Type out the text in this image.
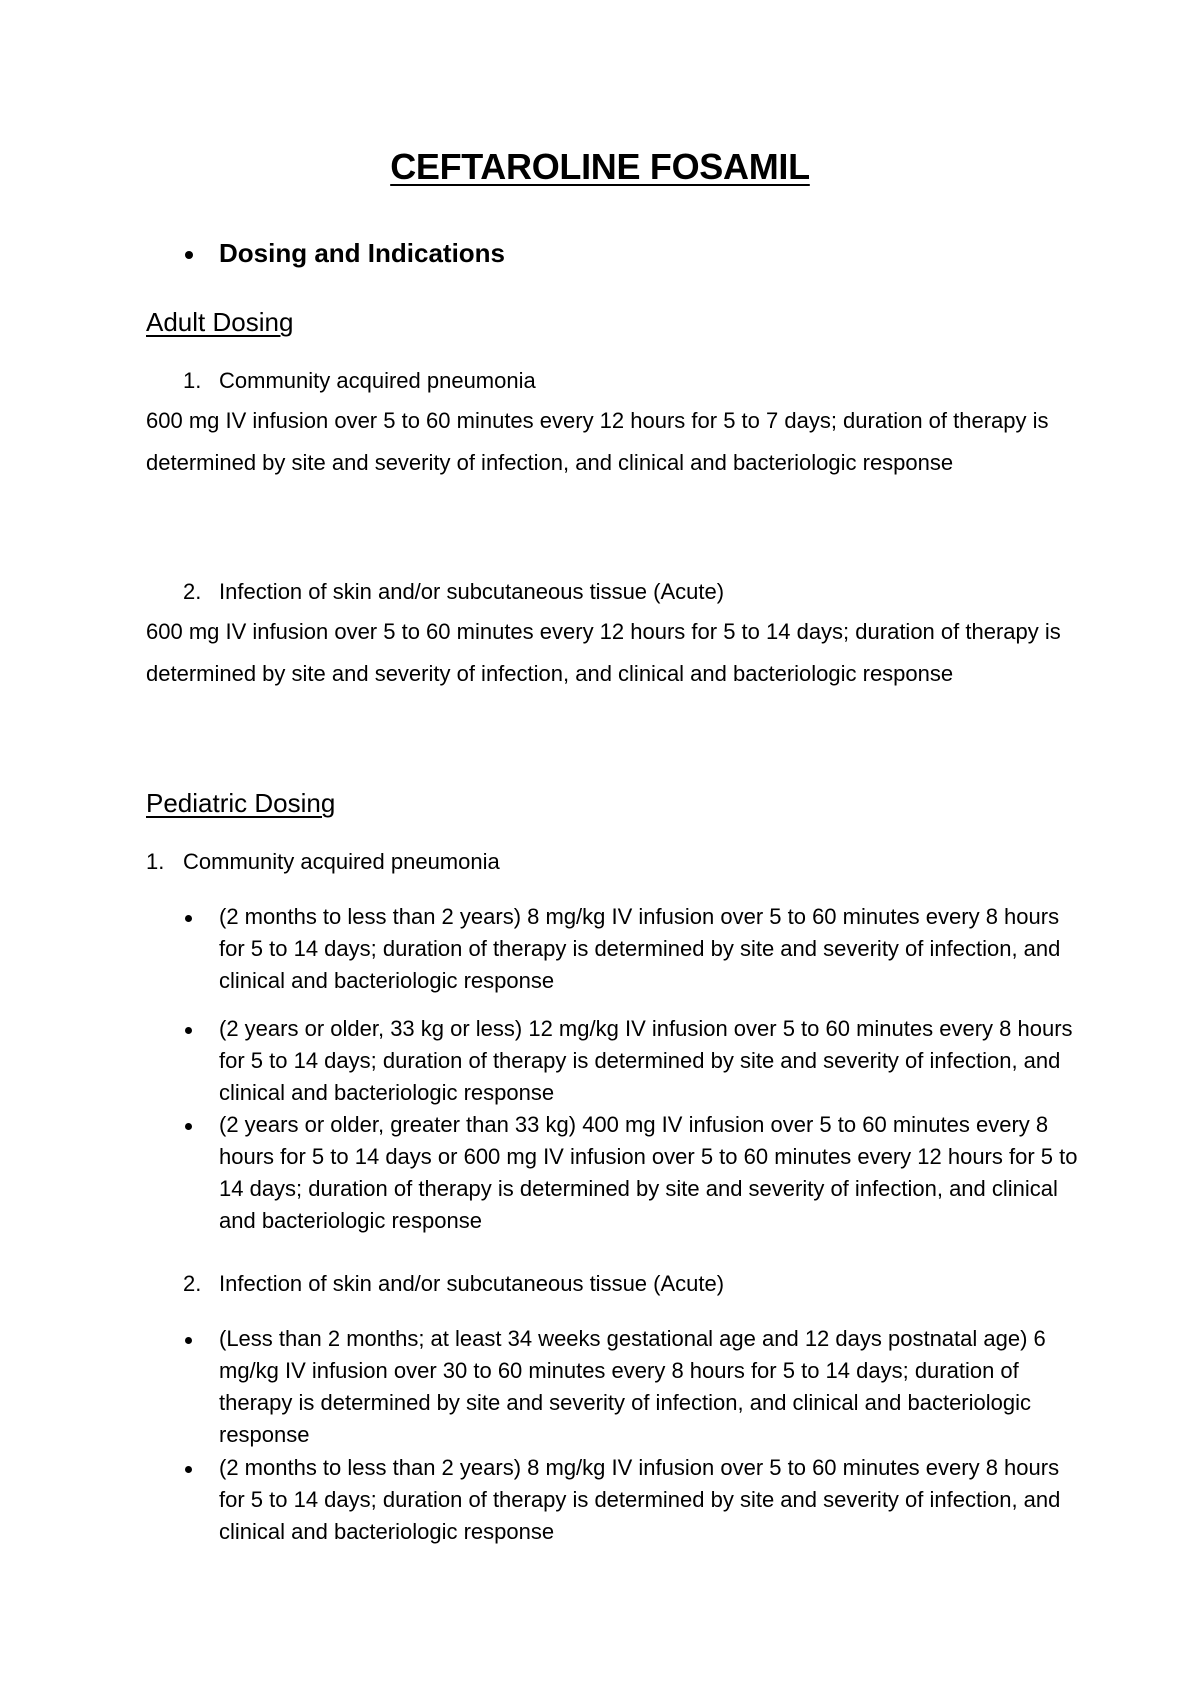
CEFTAROLINE FOSAMIL
Dosing and Indications
Adult Dosing
1. Community acquired pneumonia
600 mg IV infusion over 5 to 60 minutes every 12 hours for 5 to 7 days; duration of therapy is determined by site and severity of infection, and clinical and bacteriologic response
2. Infection of skin and/or subcutaneous tissue (Acute)
600 mg IV infusion over 5 to 60 minutes every 12 hours for 5 to 14 days; duration of therapy is determined by site and severity of infection, and clinical and bacteriologic response
Pediatric Dosing
1. Community acquired pneumonia
(2 months to less than 2 years) 8 mg/kg IV infusion over 5 to 60 minutes every 8 hours for 5 to 14 days; duration of therapy is determined by site and severity of infection, and clinical and bacteriologic response
(2 years or older, 33 kg or less) 12 mg/kg IV infusion over 5 to 60 minutes every 8 hours for 5 to 14 days; duration of therapy is determined by site and severity of infection, and clinical and bacteriologic response
(2 years or older, greater than 33 kg) 400 mg IV infusion over 5 to 60 minutes every 8 hours for 5 to 14 days or 600 mg IV infusion over 5 to 60 minutes every 12 hours for 5 to 14 days; duration of therapy is determined by site and severity of infection, and clinical and bacteriologic response
2. Infection of skin and/or subcutaneous tissue (Acute)
(Less than 2 months; at least 34 weeks gestational age and 12 days postnatal age) 6 mg/kg IV infusion over 30 to 60 minutes every 8 hours for 5 to 14 days; duration of therapy is determined by site and severity of infection, and clinical and bacteriologic response
(2 months to less than 2 years) 8 mg/kg IV infusion over 5 to 60 minutes every 8 hours for 5 to 14 days; duration of therapy is determined by site and severity of infection, and clinical and bacteriologic response
